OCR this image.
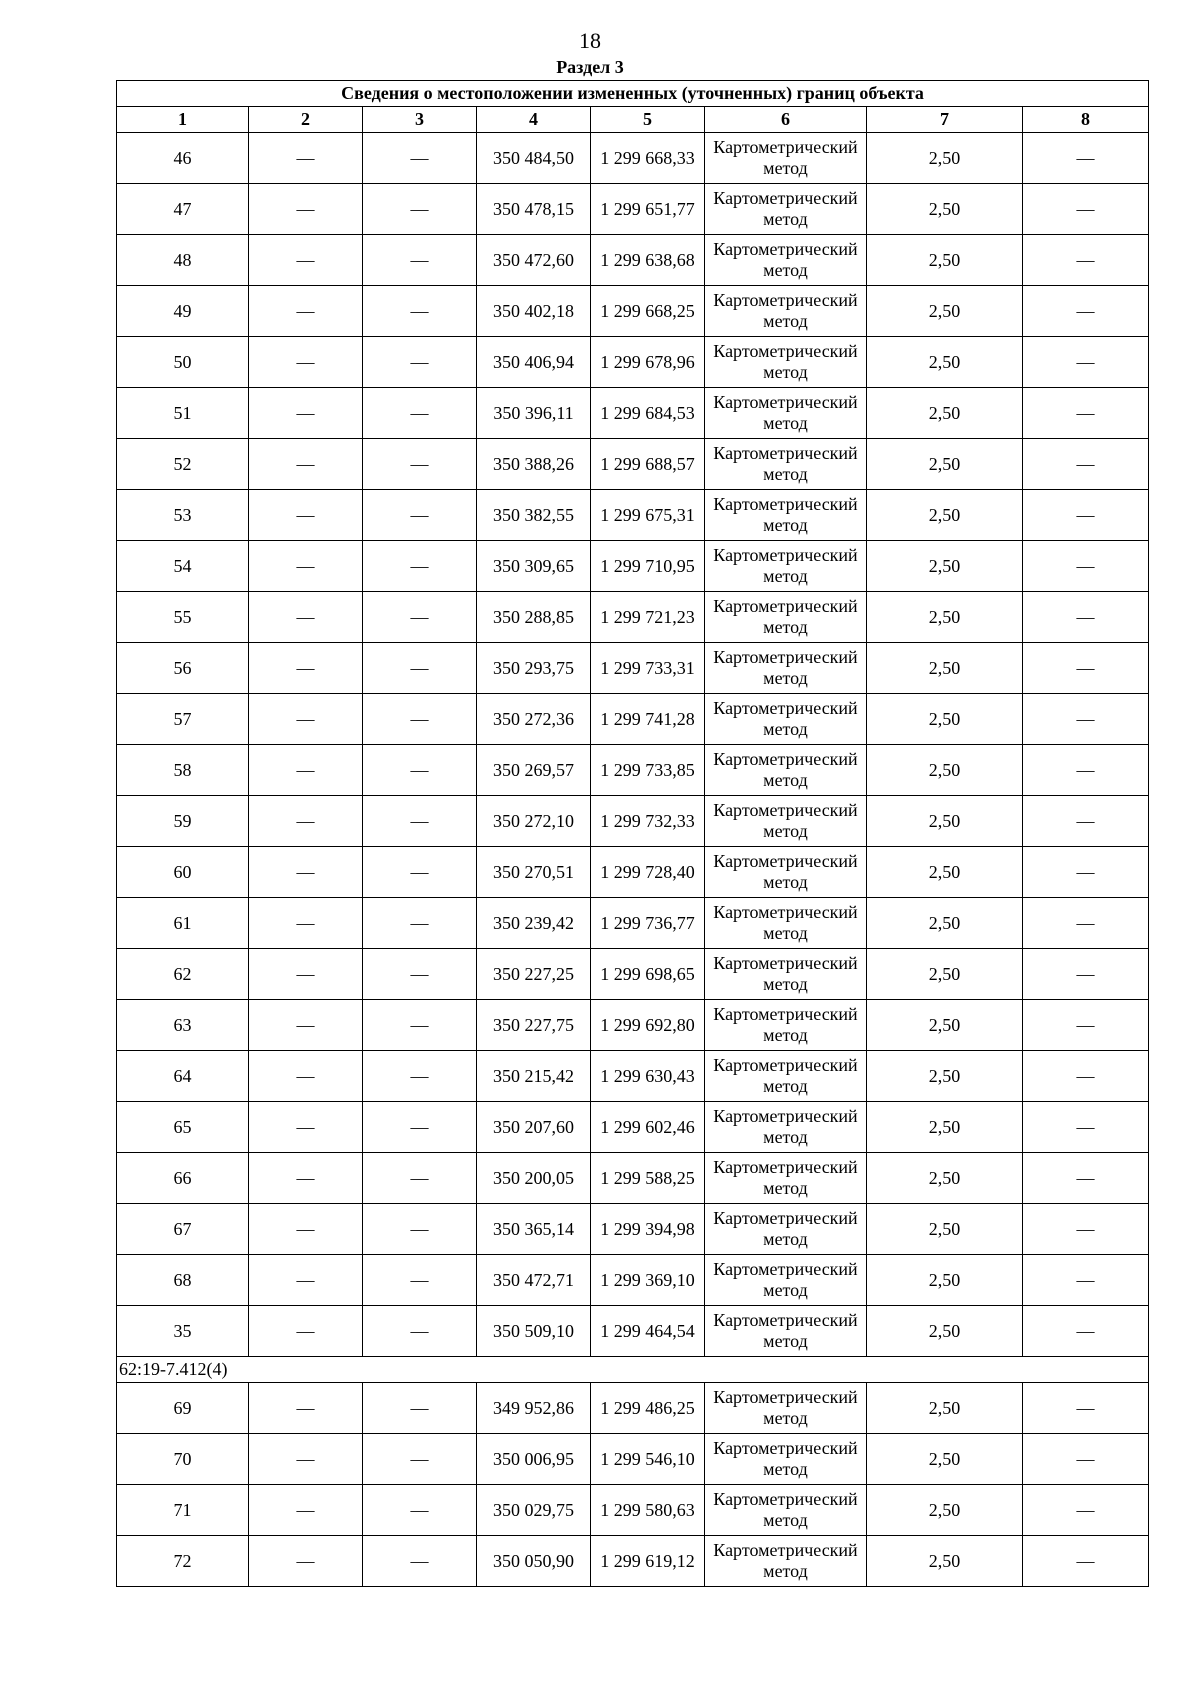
18
Раздел 3
Сведения о местоположении измененных (уточненных) границ объекта							
1	2	3	4	5	6	7	8
46	—	—	350 484,50	1 299 668,33	Картометрический метод	2,50	—
47	—	—	350 478,15	1 299 651,77	Картометрический метод	2,50	—
48	—	—	350 472,60	1 299 638,68	Картометрический метод	2,50	—
49	—	—	350 402,18	1 299 668,25	Картометрический метод	2,50	—
50	—	—	350 406,94	1 299 678,96	Картометрический метод	2,50	—
51	—	—	350 396,11	1 299 684,53	Картометрический метод	2,50	—
52	—	—	350 388,26	1 299 688,57	Картометрический метод	2,50	—
53	—	—	350 382,55	1 299 675,31	Картометрический метод	2,50	—
54	—	—	350 309,65	1 299 710,95	Картометрический метод	2,50	—
55	—	—	350 288,85	1 299 721,23	Картометрический метод	2,50	—
56	—	—	350 293,75	1 299 733,31	Картометрический метод	2,50	—
57	—	—	350 272,36	1 299 741,28	Картометрический метод	2,50	—
58	—	—	350 269,57	1 299 733,85	Картометрический метод	2,50	—
59	—	—	350 272,10	1 299 732,33	Картометрический метод	2,50	—
60	—	—	350 270,51	1 299 728,40	Картометрический метод	2,50	—
61	—	—	350 239,42	1 299 736,77	Картометрический метод	2,50	—
62	—	—	350 227,25	1 299 698,65	Картометрический метод	2,50	—
63	—	—	350 227,75	1 299 692,80	Картометрический метод	2,50	—
64	—	—	350 215,42	1 299 630,43	Картометрический метод	2,50	—
65	—	—	350 207,60	1 299 602,46	Картометрический метод	2,50	—
66	—	—	350 200,05	1 299 588,25	Картометрический метод	2,50	—
67	—	—	350 365,14	1 299 394,98	Картометрический метод	2,50	—
68	—	—	350 472,71	1 299 369,10	Картометрический метод	2,50	—
35	—	—	350 509,10	1 299 464,54	Картометрический метод	2,50	—
62:19-7.412(4)							
69	—	—	349 952,86	1 299 486,25	Картометрический метод	2,50	—
70	—	—	350 006,95	1 299 546,10	Картометрический метод	2,50	—
71	—	—	350 029,75	1 299 580,63	Картометрический метод	2,50	—
72	—	—	350 050,90	1 299 619,12	Картометрический метод	2,50	—
